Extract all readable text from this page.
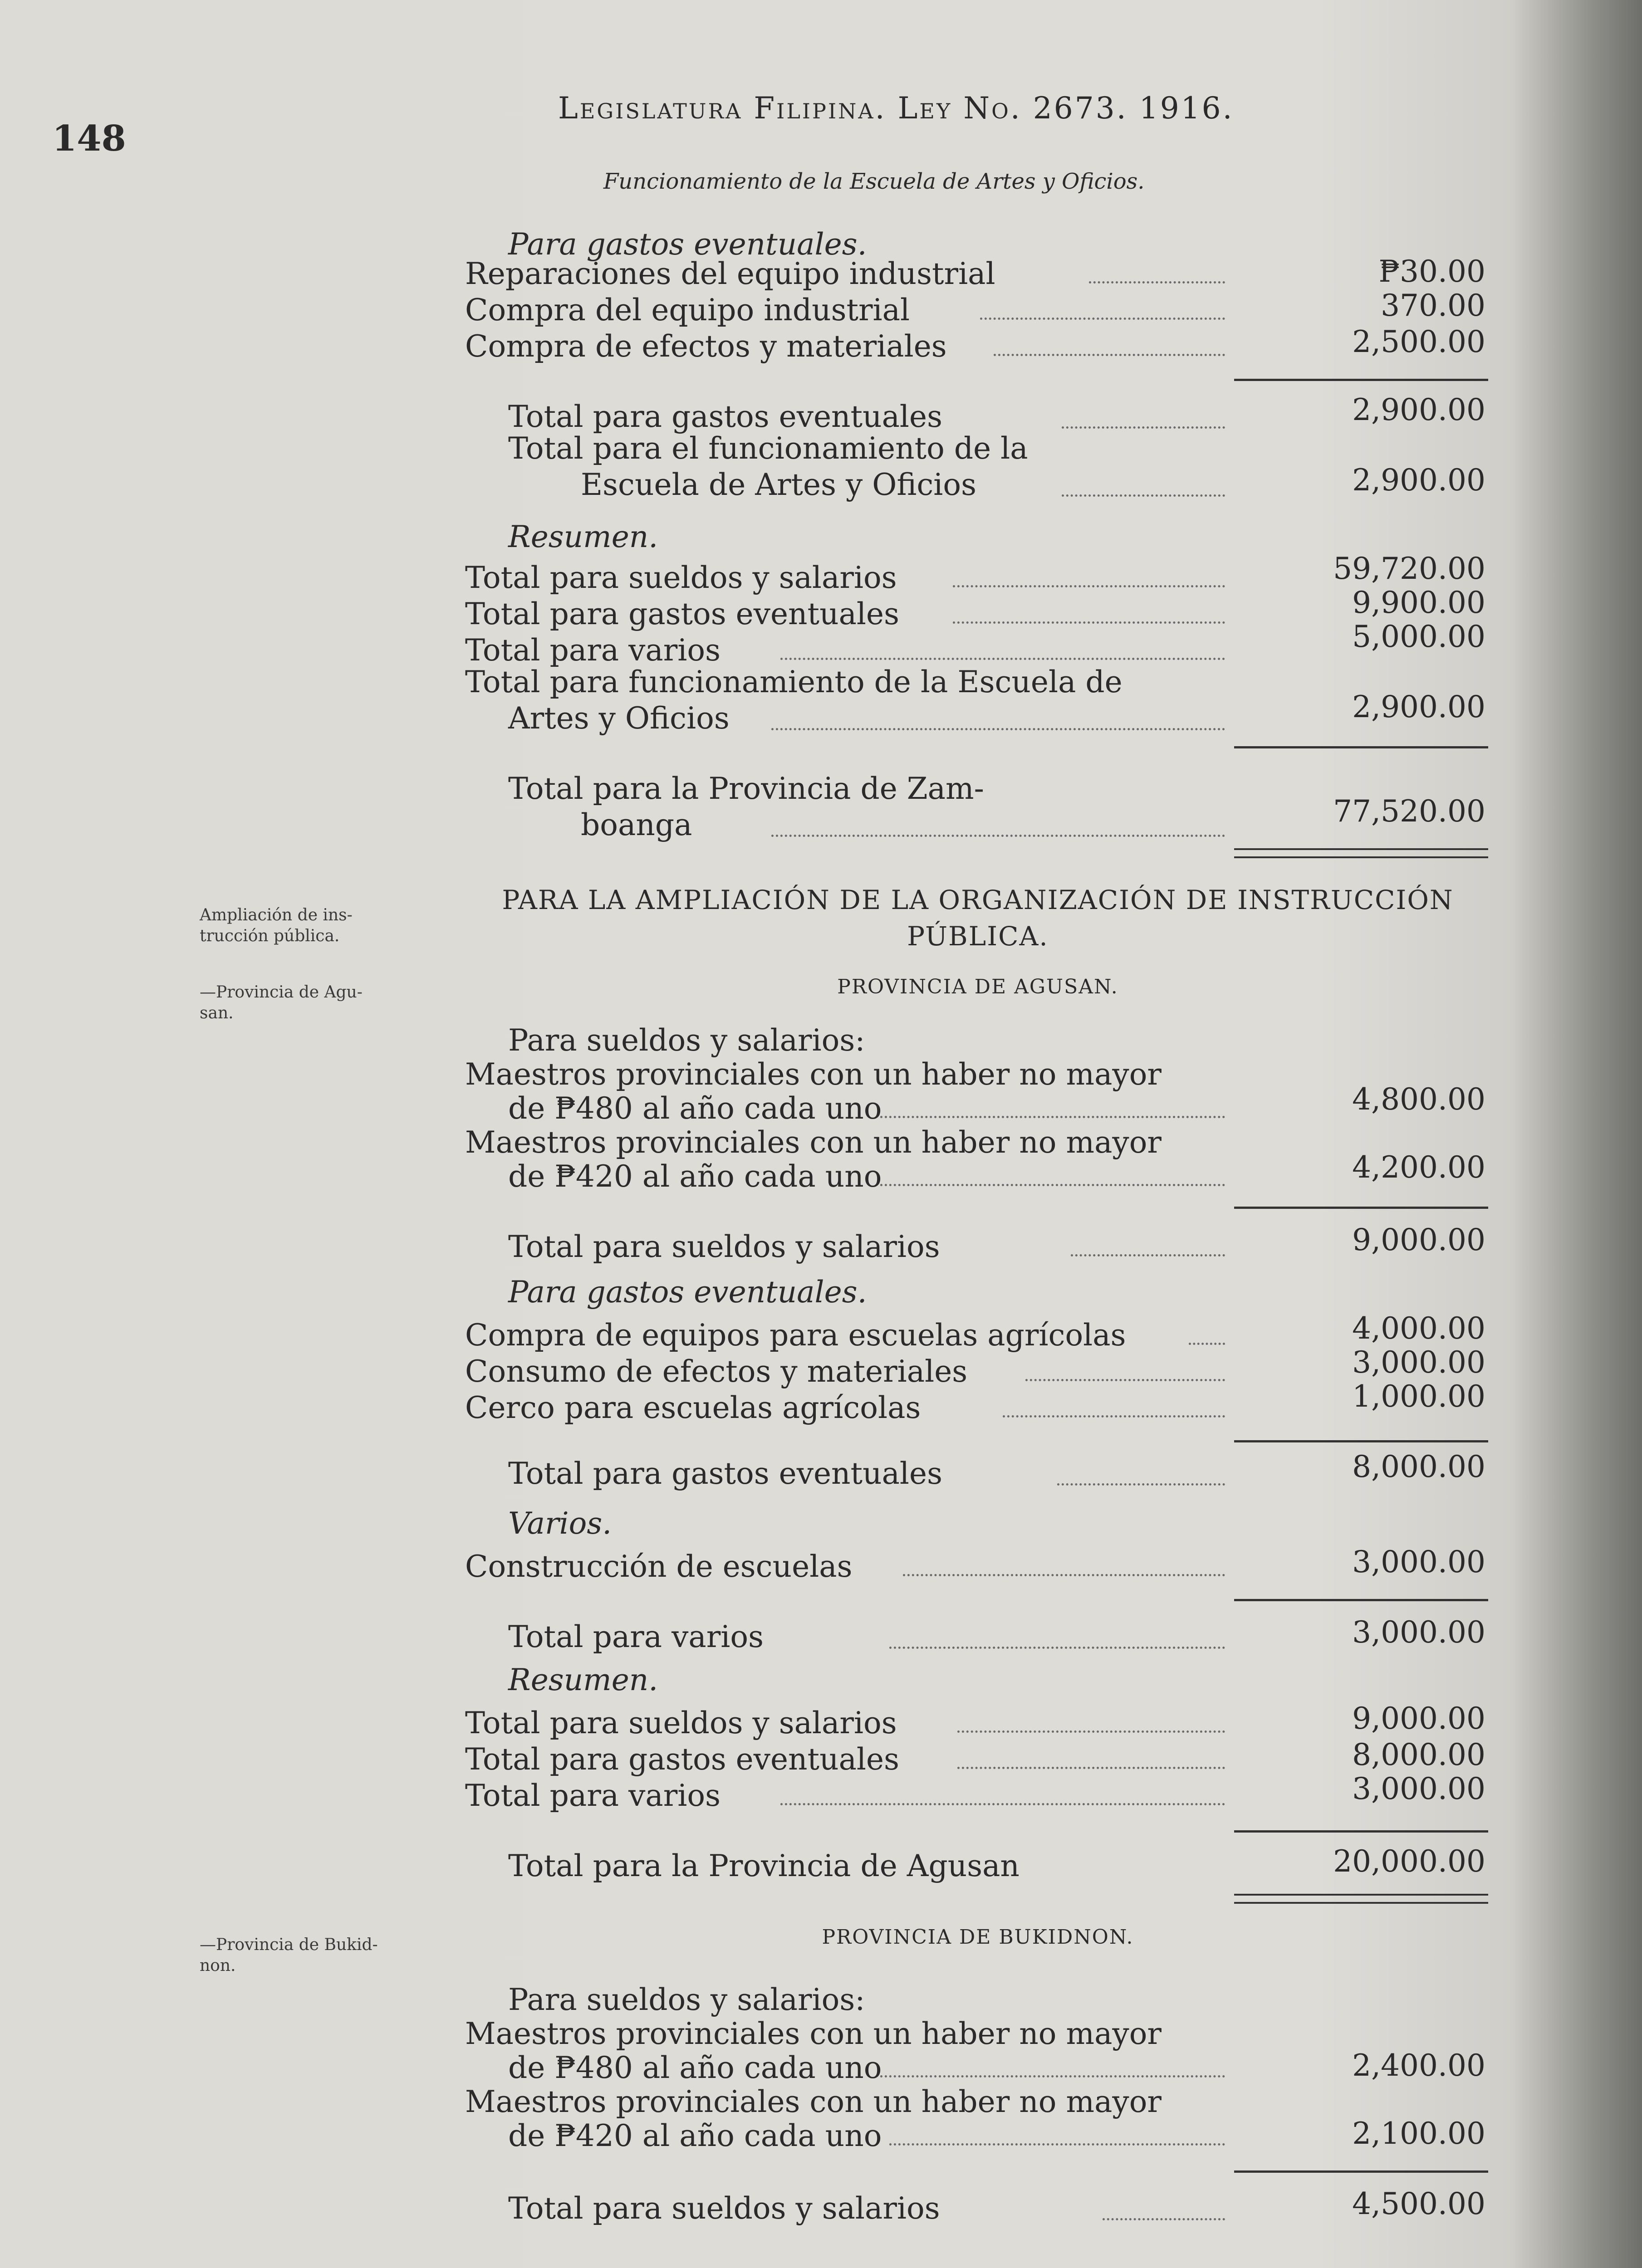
148
Legislatura Filipina. Ley No. 2673. 1916.
Funcionamiento de la Escuela de Artes y Oficios.
Para gastos eventuales.
Reparaciones del equipo industrial	₱30.00
Compra del equipo industrial	370.00
Compra de efectos y materiales	2,500.00
Total para gastos eventuales	2,900.00
Total para el funcionamiento de la
Escuela de Artes y Oficios	2,900.00
Resumen.
Total para sueldos y salarios	59,720.00
Total para gastos eventuales	9,900.00
Total para varios	5,000.00
Total para funcionamiento de la Escuela de
Artes y Oficios	2,900.00
Total para la Provincia de Zam-
boanga	77,520.00
Ampliación de ins-
trucción pública.
PARA LA AMPLIACIÓN DE LA ORGANIZACIÓN DE INSTRUCCIÓN
PÚBLICA.
—Provincia de Agu-
san.
PROVINCIA DE AGUSAN.
Para sueldos y salarios:
Maestros provinciales con un haber no mayor
de ₱480 al año cada uno	4,800.00
Maestros provinciales con un haber no mayor
de ₱420 al año cada uno	4,200.00
Total para sueldos y salarios	9,000.00
Para gastos eventuales.
Compra de equipos para escuelas agrícolas	4,000.00
Consumo de efectos y materiales	3,000.00
Cerco para escuelas agrícolas	1,000.00
Total para gastos eventuales	8,000.00
Varios.
Construcción de escuelas	3,000.00
Total para varios	3,000.00
Resumen.
Total para sueldos y salarios	9,000.00
Total para gastos eventuales	8,000.00
Total para varios	3,000.00
Total para la Provincia de Agusan	20,000.00
—Provincia de Bukid-
non.
PROVINCIA DE BUKIDNON.
Para sueldos y salarios:
Maestros provinciales con un haber no mayor
de ₱480 al año cada uno	2,400.00
Maestros provinciales con un haber no mayor
de ₱420 al año cada uno	2,100.00
Total para sueldos y salarios	4,500.00
